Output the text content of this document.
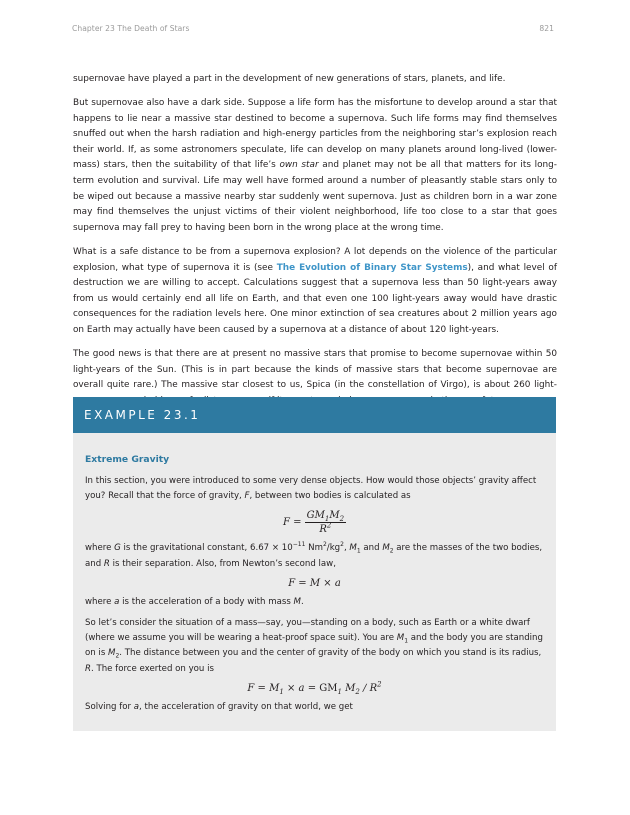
Chapter 23 The Death of Stars	821

supernovae have played a part in the development of new generations of stars, planets, and life.

But supernovae also have a dark side. Suppose a life form has the misfortune to develop around a star that happens to lie near a massive star destined to become a supernova. Such life forms may find themselves snuffed out when the harsh radiation and high-energy particles from the neighboring star’s explosion reach their world. If, as some astronomers speculate, life can develop on many planets around long-lived (lower-mass) stars, then the suitability of that life’s own star and planet may not be all that matters for its long-term evolution and survival. Life may well have formed around a number of pleasantly stable stars only to be wiped out because a massive nearby star suddenly went supernova. Just as children born in a war zone may find themselves the unjust victims of their violent neighborhood, life too close to a star that goes supernova may fall prey to having been born in the wrong place at the wrong time.

What is a safe distance to be from a supernova explosion? A lot depends on the violence of the particular explosion, what type of supernova it is (see The Evolution of Binary Star Systems), and what level of destruction we are willing to accept. Calculations suggest that a supernova less than 50 light-years away from us would certainly end all life on Earth, and that even one 100 light-years away would have drastic consequences for the radiation levels here. One minor extinction of sea creatures about 2 million years ago on Earth may actually have been caused by a supernova at a distance of about 120 light-years.

The good news is that there are at present no massive stars that promise to become supernovae within 50 light-years of the Sun. (This is in part because the kinds of massive stars that become supernovae are overall quite rare.) The massive star closest to us, Spica (in the constellation of Virgo), is about 260 light-

EXAMPLE 23.1
Extreme Gravity

In this section, you were introduced to some very dense objects. How would those objects’ gravity affect you? Recall that the force of gravity, F, between two bodies is calculated as

$F = \frac{GM_1M_2}{R^2}$

where G is the gravitational constant, $6.67 \times 10^{-11}$ $Nm^2/kg^2$, $M_1$ and $M_2$ are the masses of the two bodies, and R is their separation. Also, from Newton’s second law,

F = M × a

where a is the acceleration of a body with mass M.

So let’s consider the situation of a mass—say, you—standing on a body, such as Earth or a white dwarf (where we assume you will be wearing a heat-proof space suit). You are $M_1$ and the body you are standing on is $M_2$. The distance between you and the center of gravity of the body on which you stand is its radius, R. The force exerted on you is

$F = M_1 \times a = GM_1$ $M_2$ ∕ $R^2$

Solving for a, the acceleration of gravity on that world, we get
